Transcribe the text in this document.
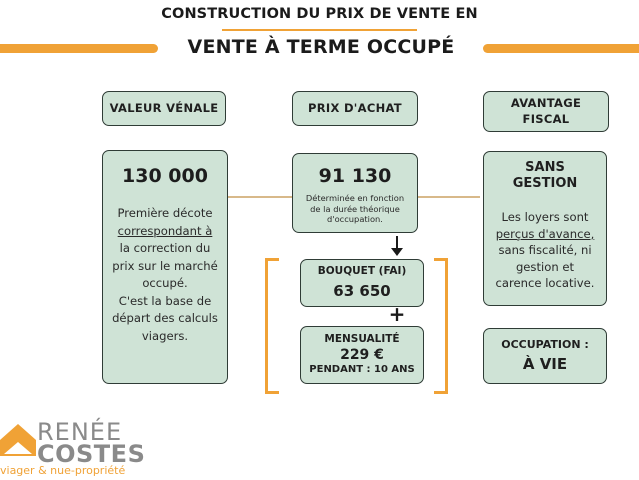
CONSTRUCTION DU PRIX DE VENTE EN
VENTE À TERME OCCUPÉ
VALEUR VÉNALE	PRIX D'ACHAT	AVANTAGE
FISCAL
130 000
Première décote
correspondant à
la correction du
prix sur le marché
occupé.
C'est la base de
départ des calculs
viagers.
91 130
Déterminée en fonction
de la durée théorique
d'occupation.
BOUQUET (FAI)
63 650
+
MENSUALITÉ
229 €
PENDANT : 10 ANS
SANS
GESTION
Les loyers sont
perçus d'avance,
sans fiscalité, ni
gestion et
carence locative.
OCCUPATION :
À VIE
RENÉE
COSTES
viager & nue-propriété
